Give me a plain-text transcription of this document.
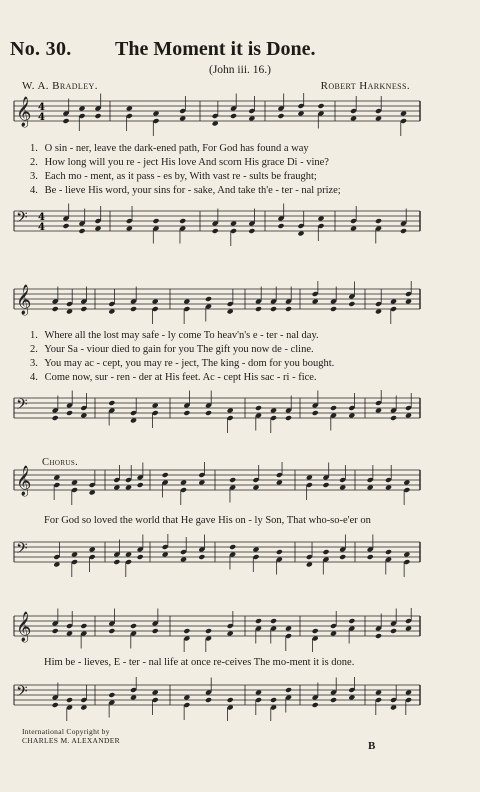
No. 30. The Moment it is Done.
(John iii. 16.)
W. A. Bradley.	Robert Harkness.
𝄞 4
4
1. O sin - ner, leave the dark-ened path, For God has found a way
2. How long will you re - ject His love And scorn His grace Di - vine?
3. Each mo - ment, as it pass - es by, With vast re - sults be fraught;
4. Be - lieve His word, your sins for - sake, And take th'e - ter - nal prize;
𝄢 4
4
𝄞
1. Where all the lost may safe - ly come To heav'n's e - ter - nal day.
2. Your Sa - viour died to gain for you The gift you now de - cline.
3. You may ac - cept, you may re - ject, The king - dom for you bought.
4. Come now, sur - ren - der at His feet. Ac - cept His sac - ri - fice.
𝄢
Chorus.
𝄞
For God so loved the world that He gave His on - ly Son, That who-so-e'er on
𝄢
𝄞
Him be - lieves, E - ter - nal life at once re-ceives The mo-ment it is done.
𝄢
International Copyright by
CHARLES M. ALEXANDER	B
